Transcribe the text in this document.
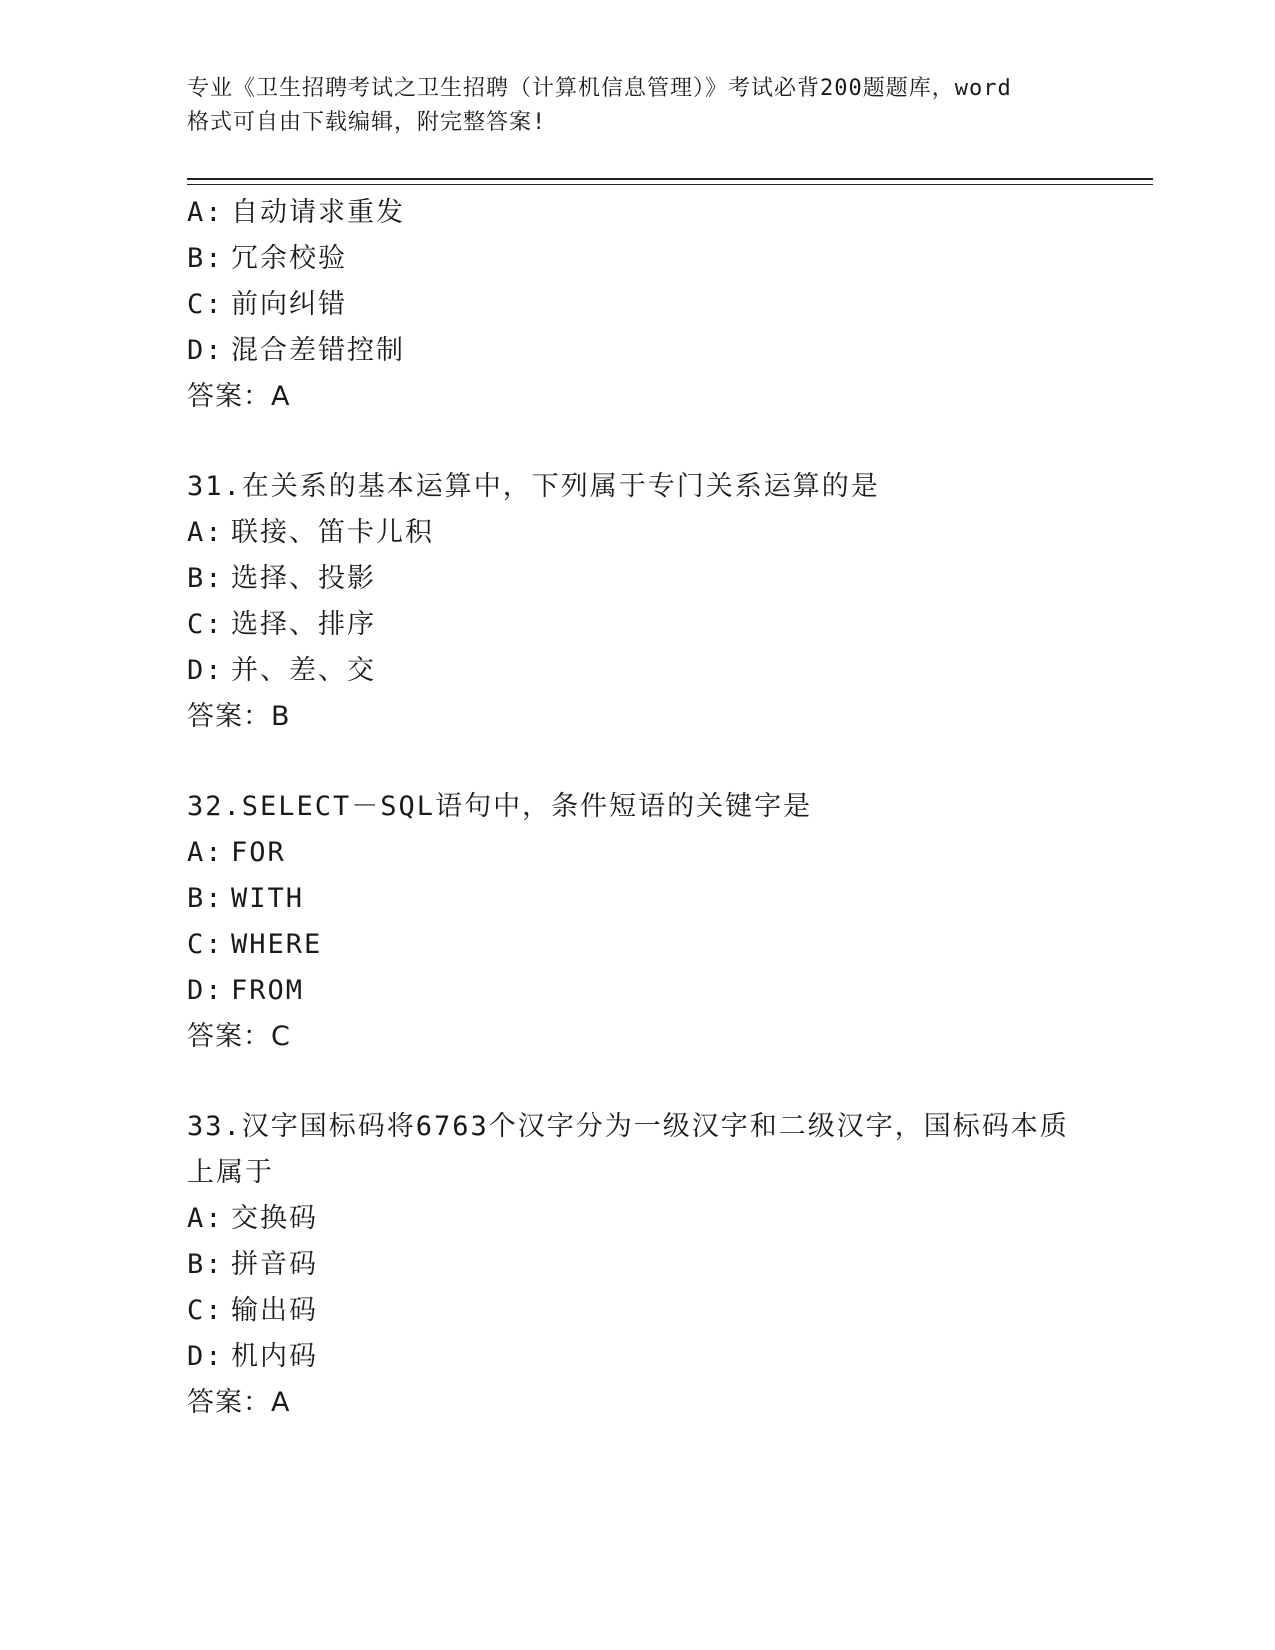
专业《卫生招聘考试之卫生招聘（计算机信息管理）》考试必背200题题库，word
格式可自由下载编辑，附完整答案!
A: 自动请求重发
B: 冗余校验
C: 前向纠错
D: 混合差错控制
答案：A
31.在关系的基本运算中，下列属于专门关系运算的是
A: 联接、笛卡儿积
B: 选择、投影
C: 选择、排序
D: 并、差、交
答案：B
32.SELECT－SQL语句中，条件短语的关键字是
A: FOR
B: WITH
C: WHERE
D: FROM
答案：C
33.汉字国标码将6763个汉字分为一级汉字和二级汉字，国标码本质
上属于
A: 交换码
B: 拼音码
C: 输出码
D: 机内码
答案：A
